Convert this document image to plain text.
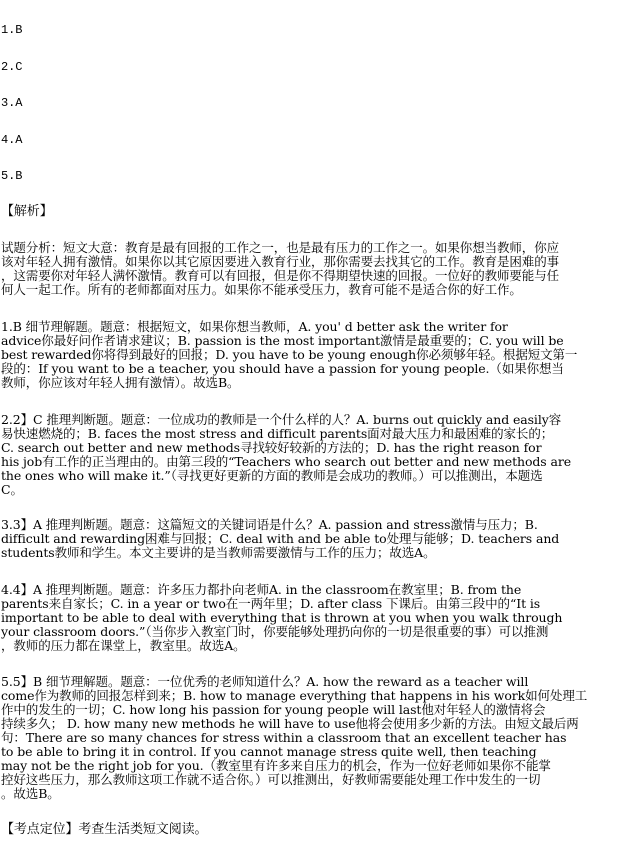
1.B
2.C
3.A
4.A
5.B
【解析】
试题分析：短文大意：教育是最有回报的工作之一，也是最有压力的工作之一。如果你想当教师，你应
该对年轻人拥有激情。如果你以其它原因要进入教育行业，那你需要去找其它的工作。教育是困难的事
，这需要你对年轻人满怀激情。教育可以有回报，但是你不得期望快速的回报。一位好的教师要能与任
何人一起工作。所有的老师都面对压力。如果你不能承受压力，教育可能不是适合你的好工作。
1.B 细节理解题。题意：根据短文，如果你想当教师，A. you' d better ask the writer for
advice你最好问作者请求建议；B. passion is the most important激情是最重要的；C. you will be
best rewarded你将得到最好的回报；D. you have to be young enough你必须够年轻。根据短文第一
段的：If you want to be a teacher, you should have a passion for young people.（如果你想当
教师，你应该对年轻人拥有激情）。故选B。
2.2】C 推理判断题。题意：一位成功的教师是一个什么样的人？A. burns out quickly and easily容
易快速燃烧的；B. faces the most stress and difficult parents面对最大压力和最困难的家长的；
C. search out better and new methods寻找较好较新的方法的；D. has the right reason for
his job有工作的正当理由的。由第三段的“Teachers who search out better and new methods are
the ones who will make it.”（寻找更好更新的方面的教师是会成功的教师。）可以推测出，本题选
C。
3.3】A 推理判断题。题意：这篇短文的关键词语是什么？A. passion and stress激情与压力；B.
difficult and rewarding困难与回报；C. deal with and be able to处理与能够；D. teachers and
students教师和学生。本文主要讲的是当教师需要激情与工作的压力；故选A。
4.4】A 推理判断题。题意：许多压力都扑向老师A. in the classroom在教室里；B. from the
parents来自家长；C. in a year or two在一两年里；D. after class 下课后。由第三段中的“It is
important to be able to deal with everything that is thrown at you when you walk through
your classroom doors.”（当你步入教室门时，你要能够处理扔向你的一切是很重要的事）可以推测
，教师的压力都在课堂上，教室里。故选A。
5.5】B 细节理解题。题意：一位优秀的老师知道什么？A. how the reward as a teacher will
come作为教师的回报怎样到来；B. how to manage everything that happens in his work如何处理工
作中的发生的一切；C. how long his passion for young people will last他对年轻人的激情将会
持续多久； D. how many new methods he will have to use他将会使用多少新的方法。由短文最后两
句：There are so many chances for stress within a classroom that an excellent teacher has
to be able to bring it in control. If you cannot manage stress quite well, then teaching
may not be the right job for you.（教室里有许多来自压力的机会，作为一位好老师如果你不能掌
控好这些压力，那么教师这项工作就不适合你。）可以推测出，好教师需要能处理工作中发生的一切
。故选B。
【考点定位】考查生活类短文阅读。
